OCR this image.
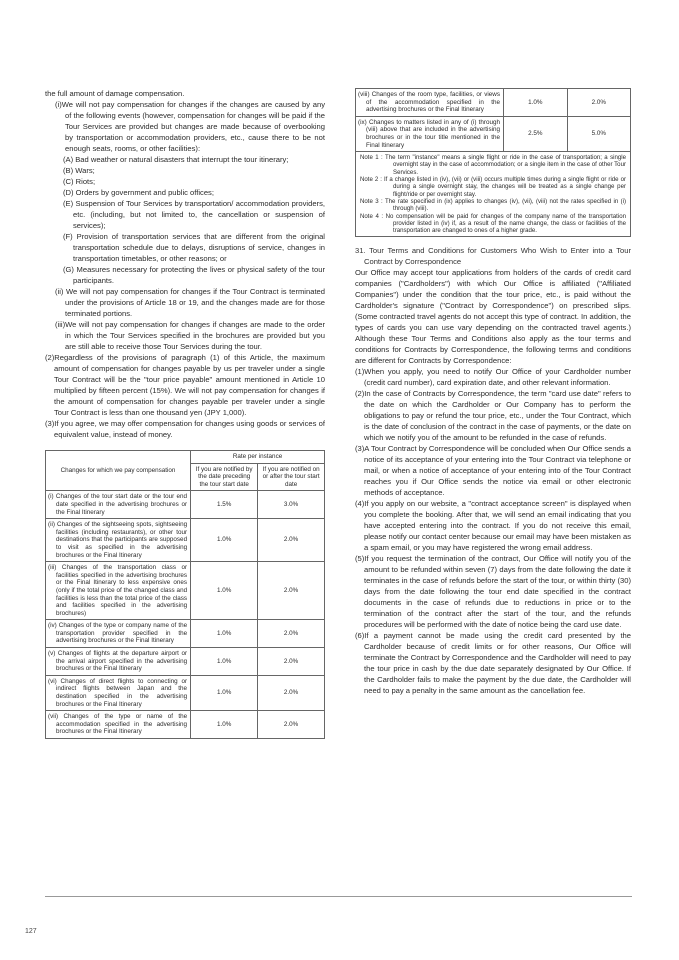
the full amount of damage compensation.

(i)We will not pay compensation for changes if the changes are caused by any of the following events (however, compensation for changes will be paid if the Tour Services are provided but changes are made because of overbooking by transportation or accommodation providers, etc., cause there to be not enough seats, rooms, or other facilities):

(A) Bad weather or natural disasters that interrupt the tour itinerary;

(B) Wars;

(C) Riots;

(D) Orders by government and public offices;

(E) Suspension of Tour Services by transportation/ accommodation providers, etc. (including, but not limited to, the cancellation or suspension of services);

(F) Provision of transportation services that are different from the original transportation schedule due to delays, disruptions of service, changes in transportation timetables, or other reasons; or

(G) Measures necessary for protecting the lives or physical safety of the tour participants.

(ii) We will not pay compensation for changes if the Tour Contract is terminated under the provisions of Article 18 or 19, and the changes made are for those terminated portions.

(iii)We will not pay compensation for changes if changes are made to the order in which the Tour Services specified in the brochures are provided but you are still able to receive those Tour Services during the tour.

(2)Regardless of the provisions of paragraph (1) of this Article, the maximum amount of compensation for changes payable by us per traveler under a single Tour Contract will be the "tour price payable" amount mentioned in Article 10 multiplied by fifteen percent (15%). We will not pay compensation for changes if the amount of compensation for changes payable per traveler under a single Tour Contract is less than one thousand yen (JPY 1,000).

(3)If you agree, we may offer compensation for changes using goods or services of equivalent value, instead of money.

Changes for which we pay compensation	Rate per instance	
	If you are notified by the date preceding the tour start date	If you are notified on or after the tour start date
(i) Changes of the tour start date or the tour end date specified in the advertising brochures or the Final Itinerary	1.5%	3.0%
(ii) Changes of the sightseeing spots, sightseeing facilities (including restaurants), or other tour destinations that the participants are supposed to visit as specified in the advertising brochures or the Final Itinerary	1.0%	2.0%
(iii) Changes of the transportation class or facilities specified in the advertising brochures or the Final Itinerary to less expensive ones (only if the total price of the changed class and facilities is less than the total price of the class and facilities specified in the advertising brochures)	1.0%	2.0%
(iv) Changes of the type or company name of the transportation provider specified in the advertising brochures or the Final Itinerary	1.0%	2.0%
(v) Changes of flights at the departure airport or the arrival airport specified in the advertising brochures or the Final Itinerary	1.0%	2.0%
(vi) Changes of direct flights to connecting or indirect flights between Japan and the destination specified in the advertising brochures or the Final Itinerary	1.0%	2.0%
(vii) Changes of the type or name of the accommodation specified in the advertising brochures or the Final Itinerary	1.0%	2.0%
(viii) Changes of the room type, facilities, or views of the accommodation specified in the advertising brochures or the Final Itinerary	1.0%	2.0%
(ix) Changes to matters listed in any of (i) through (viii) above that are included in the advertising brochures or in the tour title mentioned in the Final Itinerary	2.5%	5.0%
Note 1 : The term "instance" means a single flight or ride in the case of transportation; a single overnight stay in the case of accommodation; or a single item in the case of other Tour Services.
Note 2 : If a change listed in (iv), (vii) or (viii) occurs multiple times during a single flight or ride or during a single overnight stay, the changes will be treated as a single change per flight/ride or per overnight stay.
Note 3 : The rate specified in (ix) applies to changes (iv), (vii), (viii) not the rates specified in (i) through (viii).
Note 4 : No compensation will be paid for changes of the company name of the transportation provider listed in (iv) if, as a result of the name change, the class or facilities of the transportation are changed to ones of a higher grade.

31. Tour Terms and Conditions for Customers Who Wish to Enter into a Tour Contract by Correspondence

Our Office may accept tour applications from holders of the cards of credit card companies ("Cardholders") with which Our Office is affiliated ("Affiliated Companies") under the condition that the tour price, etc., is paid without the Cardholder's signature ("Contract by Correspondence") on prescribed slips. (Some contracted travel agents do not accept this type of contract. In addition, the types of cards you can use vary depending on the contracted travel agents.) Although these Tour Terms and Conditions also apply as the tour terms and conditions for Contracts by Correspondence, the following terms and conditions are different for Contracts by Correspondence:

(1)When you apply, you need to notify Our Office of your Cardholder number (credit card number), card expiration date, and other relevant information.

(2)In the case of Contracts by Correspondence, the term "card use date" refers to the date on which the Cardholder or Our Company has to perform the obligations to pay or refund the tour price, etc., under the Tour Contract, which is the date of conclusion of the contract in the case of payments, or the date on which we notify you of the amount to be refunded in the case of refunds.

(3)A Tour Contract by Correspondence will be concluded when Our Office sends a notice of its acceptance of your entering into the Tour Contract via telephone or mail, or when a notice of acceptance of your entering into of the Tour Contract reaches you if Our Office sends the notice via email or other electronic methods of acceptance.

(4)If you apply on our website, a "contract acceptance screen" is displayed when you complete the booking. After that, we will send an email indicating that you have accepted entering into the contract. If you do not receive this email, please notify our contact center because our email may have been mistaken as a spam email, or you may have registered the wrong email address.

(5)If you request the termination of the contract, Our Office will notify you of the amount to be refunded within seven (7) days from the date following the date it terminates in the case of refunds before the start of the tour, or within thirty (30) days from the date following the tour end date specified in the contract documents in the case of refunds due to reductions in price or to the termination of the contract after the start of the tour, and the refunds procedures will be performed with the date of notice being the card use date.

(6)If a payment cannot be made using the credit card presented by the Cardholder because of credit limits or for other reasons, Our Office will terminate the Contract by Correspondence and the Cardholder will need to pay the tour price in cash by the due date separately designated by Our Office. If the Cardholder fails to make the payment by the due date, the Cardholder will need to pay a penalty in the same amount as the cancellation fee.

127
